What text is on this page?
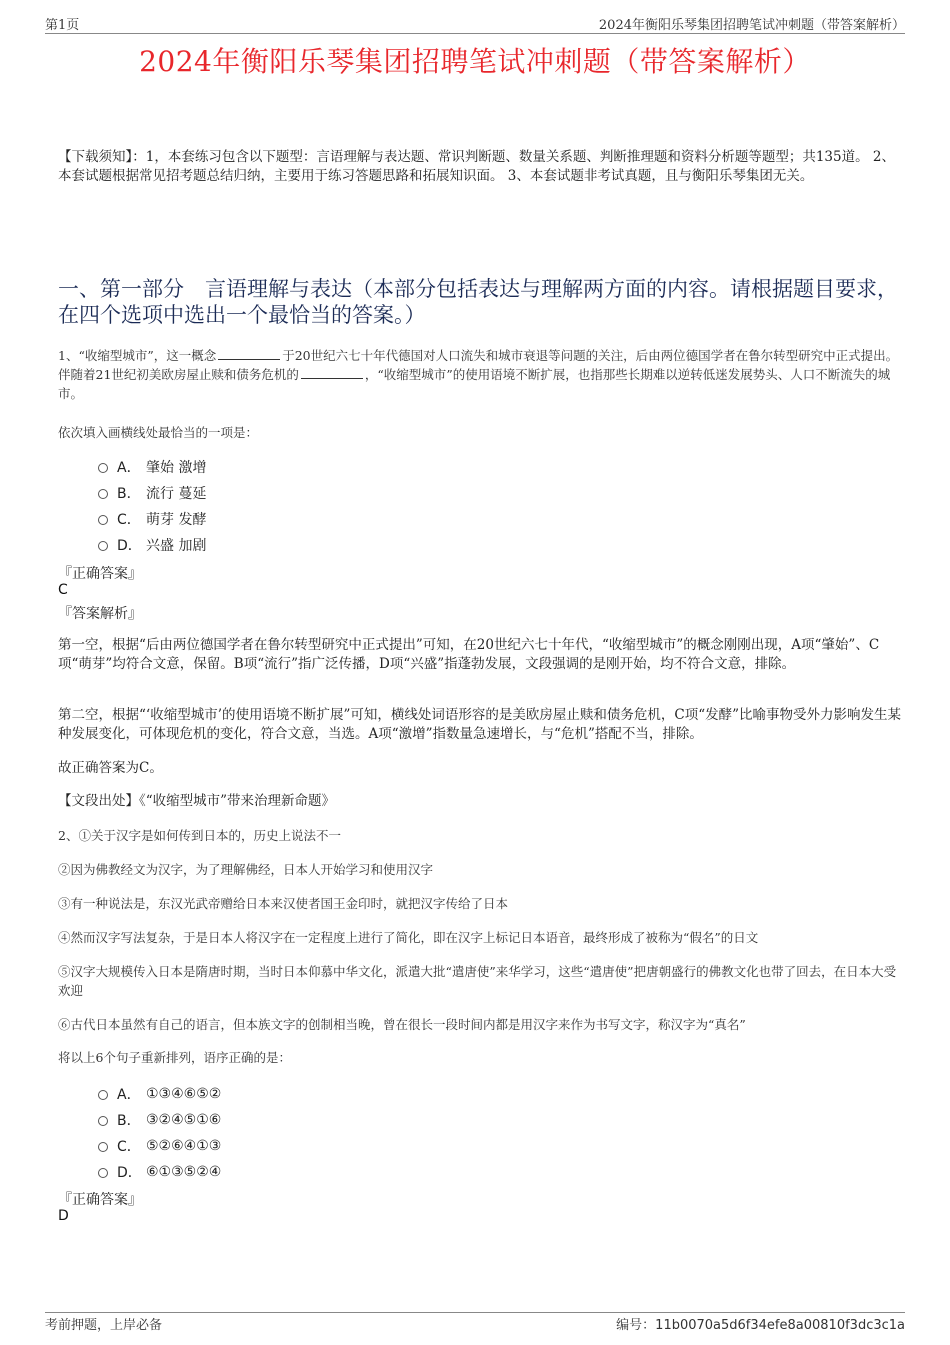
第1页	2024年衡阳乐琴集团招聘笔试冲刺题（带答案解析）
2024年衡阳乐琴集团招聘笔试冲刺题（带答案解析）
【下载须知】：1，本套练习包含以下题型：言语理解与表达题、常识判断题、数量关系题、判断推理题和资料分析题等题型；共135道。 2、本套试题根据常见招考题总结归纳，主要用于练习答题思路和拓展知识面。 3、本套试题非考试真题，且与衡阳乐琴集团无关。
一、第一部分　言语理解与表达（本部分包括表达与理解两方面的内容。请根据题目要求，在四个选项中选出一个最恰当的答案。）
1、“收缩型城市”，这一概念	于20世纪六七十年代德国对人口流失和城市衰退等问题的关注，后由两位德国学者在鲁尔转型研究中正式提出。伴随着21世纪初美欧房屋止赎和债务危机的	，“收缩型城市”的使用语境不断扩展，也指那些长期难以逆转低迷发展势头、人口不断流失的城市。
依次填入画横线处最恰当的一项是：
A． 肇始 激增
B． 流行 蔓延
C． 萌芽 发酵
D． 兴盛 加剧
『正确答案』
C
『答案解析』
第一空，根据“后由两位德国学者在鲁尔转型研究中正式提出”可知，在20世纪六七十年代，“收缩型城市”的概念刚刚出现，A项“肇始”、C项“萌芽”均符合文意，保留。B项“流行”指广泛传播，D项“兴盛”指蓬勃发展，文段强调的是刚开始，均不符合文意，排除。
第二空，根据“‘收缩型城市’的使用语境不断扩展”可知，横线处词语形容的是美欧房屋止赎和债务危机，C项“发酵”比喻事物受外力影响发生某种发展变化，可体现危机的变化，符合文意，当选。A项“激增”指数量急速增长，与“危机”搭配不当，排除。
故正确答案为C。
【文段出处】《“收缩型城市”带来治理新命题》
2、①关于汉字是如何传到日本的，历史上说法不一
②因为佛教经文为汉字，为了理解佛经，日本人开始学习和使用汉字
③有一种说法是，东汉光武帝赠给日本来汉使者国王金印时，就把汉字传给了日本
④然而汉字写法复杂，于是日本人将汉字在一定程度上进行了简化，即在汉字上标记日本语音，最终形成了被称为“假名”的日文
⑤汉字大规模传入日本是隋唐时期，当时日本仰慕中华文化，派遣大批“遣唐使”来华学习，这些“遣唐使”把唐朝盛行的佛教文化也带了回去，在日本大受欢迎
⑥古代日本虽然有自己的语言，但本族文字的创制相当晚，曾在很长一段时间内都是用汉字来作为书写文字，称汉字为“真名”
将以上6个句子重新排列，语序正确的是：
A． ①③④⑥⑤②
B． ③②④⑤①⑥
C． ⑤②⑥④①③
D． ⑥①③⑤②④
『正确答案』
D
考前押题，上岸必备	编号：11b0070a5d6f34efe8a00810f3dc3c1a
